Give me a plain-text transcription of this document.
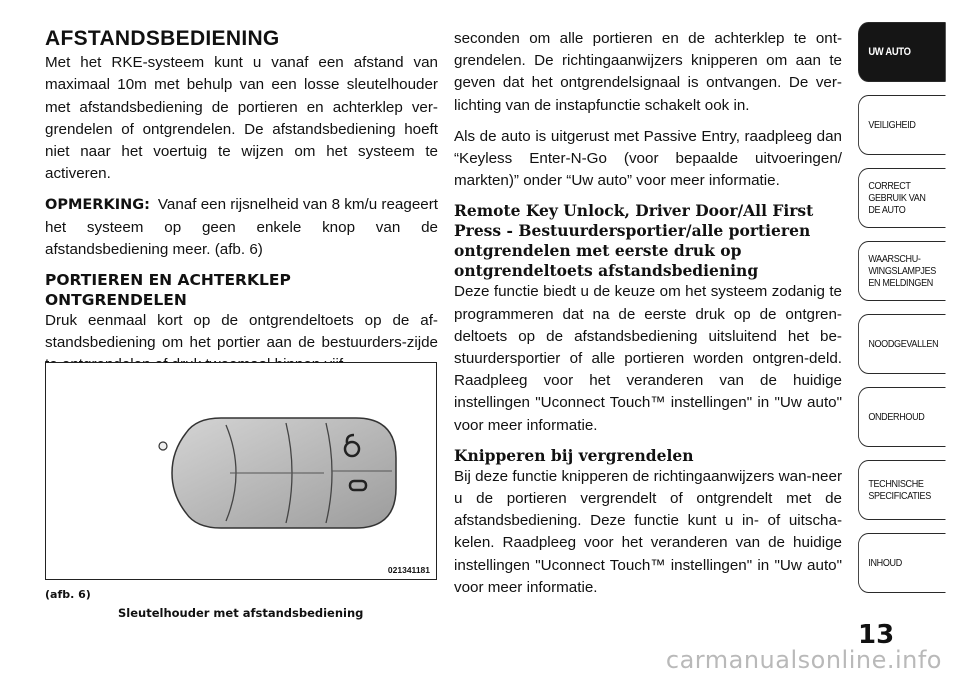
AFSTANDSBEDIENING

Met het RKE-systeem kunt u vanaf een afstand van maximaal 10m met behulp van een losse sleutelhouder met afstandsbediening de portieren en achterklep ver-grendelen of ontgrendelen. De afstandsbediening hoeft niet naar het voertuig te wijzen om het systeem te activeren.

OPMERKING: Vanaf een rijsnelheid van 8 km/u reageert het systeem op geen enkele knop van de afstandsbediening meer. (afb. 6)

PORTIEREN EN ACHTERKLEP ONTGRENDELEN

Druk eenmaal kort op de ontgrendeltoets op de af-standsbediening om het portier aan de bestuurders-zijde

021341181
(afb. 6)
Sleutelhouder met afstandsbediening

seconden om alle portieren en de achterklep te ont-grendelen. De richtingaanwijzers knipperen om aan te geven dat het ontgrendelsignaal is ontvangen. De ver-lichting van de instapfunctie schakelt ook in.

Als de auto is uitgerust met Passive Entry, raadpleeg dan “Keyless Enter-N-Go (voor bepaalde uitvoeringen/ markten)” onder “Uw auto” voor meer informatie.

Remote Key Unlock, Driver Door/All First Press - Bestuurdersportier/alle portieren ontgrendelen met eerste druk op ontgrendeltoets afstandsbediening

Deze functie biedt u de keuze om het systeem zodanig te programmeren dat na de eerste druk op de ontgren-deltoets op de afstandsbediening uitsluitend het be-stuurdersportier of alle portieren worden ontgren-deld. Raadpleeg voor het veranderen van de huidige instellingen "Uconnect Touch™ instellingen" in "Uw auto" voor meer informatie.

Knipperen bij vergrendelen

Bij deze functie knipperen de richtingaanwijzers wan-neer u de portieren vergrendelt of ontgrendelt met de afstandsbediening. Deze functie kunt u in- of uitscha-kelen. Raadpleeg voor het veranderen van de huidige instellingen "Uconnect Touch™ instellingen" in "Uw auto" voor meer informatie.

UW AUTO
VEILIGHEID
CORRECT
GEBRUIK VAN
DE AUTO
WAARSCHU-
WINGSLAMPJES
EN MELDINGEN
NOODGEVALLEN
ONDERHOUD
TECHNISCHE
SPECIFICATIES
INHOUD
13
carmanualsonline.info
